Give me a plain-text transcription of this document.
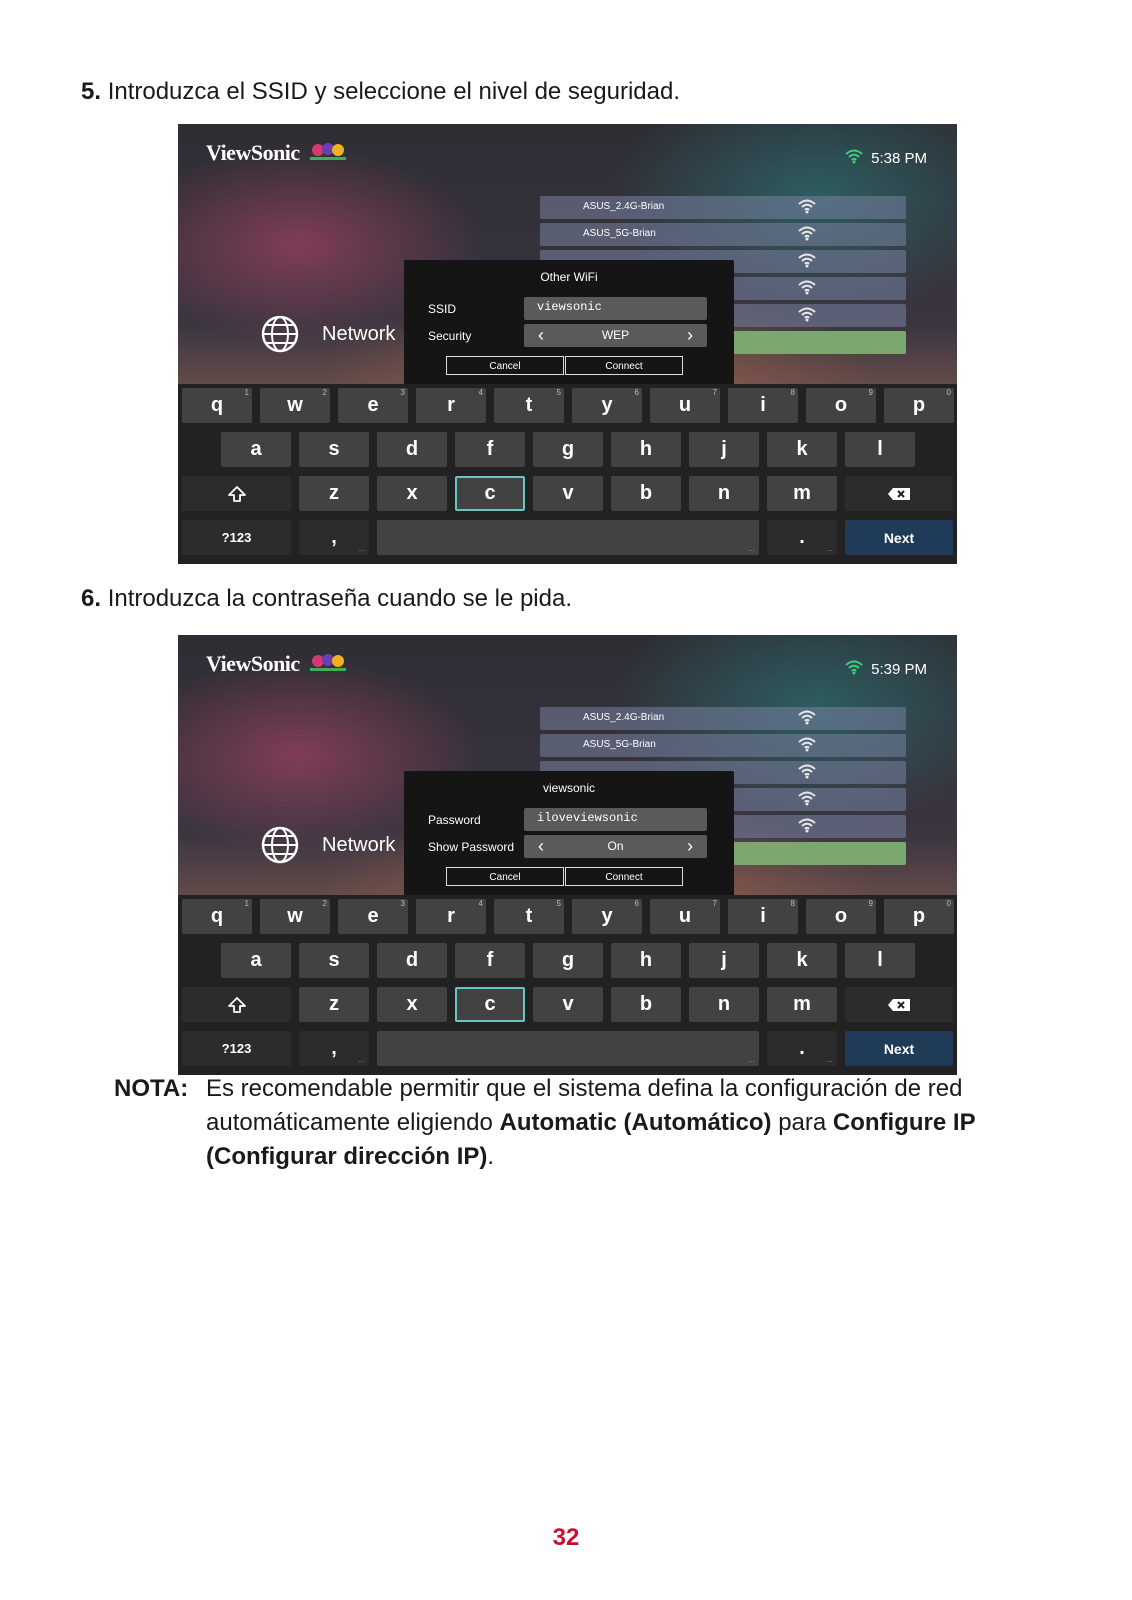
5. Introduzca el SSID y seleccione el nivel de seguridad.
ViewSonic	5:38 PM
ASUS_2.4G-Brian
ASUS_5G-Brian
Network
Other WiFi
SSID	viewsonic
Security	‹	WEP	›
Cancel	Connect
q
1
w
2
e
3
r
4
t
5
y
6
u
7
i
8
o
9
p
0
a	s	d	f	g	h	j	k	l
z	x	c	v	b	n	m
?123	,
…	…
.
…
Next
6. Introduzca la contraseña cuando se le pida.
ViewSonic	5:39 PM
ASUS_2.4G-Brian
ASUS_5G-Brian
Network
viewsonic
Password	iloveviewsonic
Show Password ‹	On	›
Cancel	Connect
q
1
w
2
e
3
r
4
t
5
y
6
u
7
i
8
o
9
p
0
a	s	d	f	g	h	j	k	l
z	x	c	v	b	n	m
?123	,
…	…
.
…
Next
NOTA: Es recomendable permitir que el sistema defina la configuración de red automáticamente eligiendo Automatic (Automático) para Configure IP (Configurar dirección IP).
32
